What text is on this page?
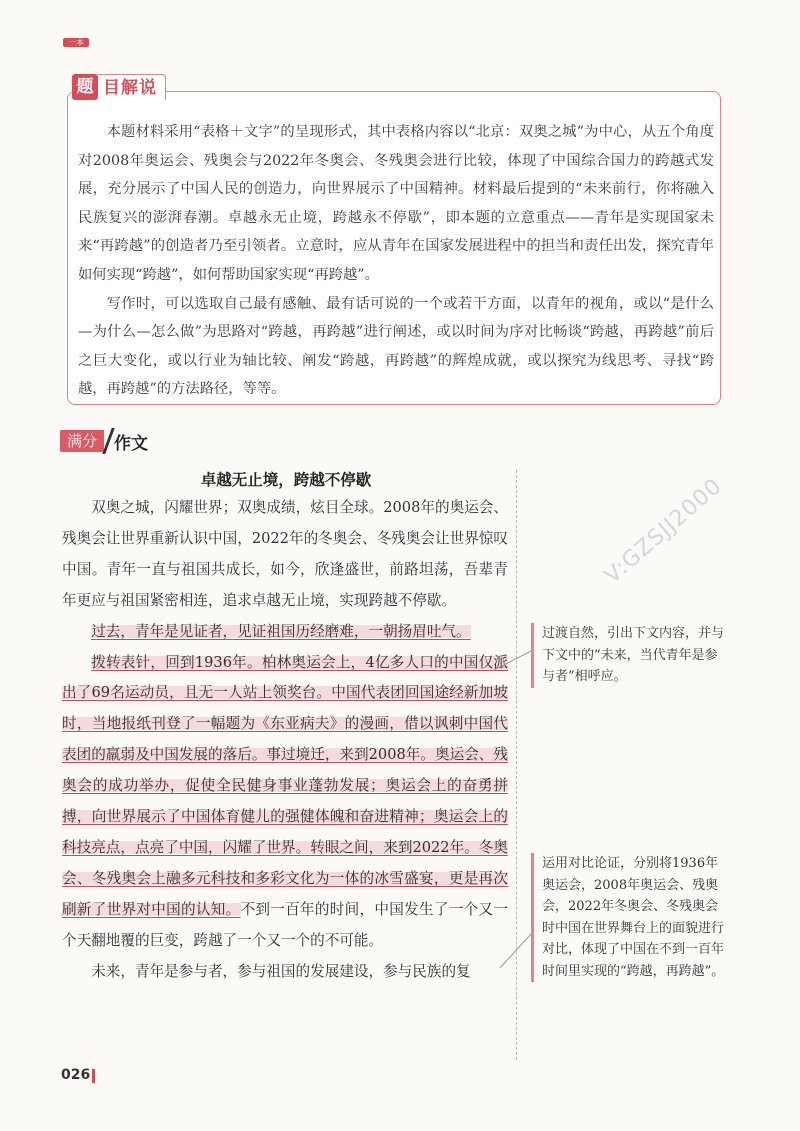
一本
题 目解说

本题材料采用“表格＋文字”的呈现形式，其中表格内容以“北京：双奥之城”为中心，从五个角度对2008年奥运会、残奥会与2022年冬奥会、冬残奥会进行比较，体现了中国综合国力的跨越式发展，充分展示了中国人民的创造力，向世界展示了中国精神。材料最后提到的“未来前行，你将融入民族复兴的澎湃春潮。卓越永无止境，跨越永不停歇”，即本题的立意重点——青年是实现国家未来“再跨越”的创造者乃至引领者。立意时，应从青年在国家发展进程中的担当和责任出发，探究青年如何实现“跨越”，如何帮助国家实现“再跨越”。

写作时，可以选取自己最有感触、最有话可说的一个或若干方面，以青年的视角，或以“是什么—为什么—怎么做”为思路对“跨越，再跨越”进行阐述，或以时间为序对比畅谈“跨越，再跨越”前后之巨大变化，或以行业为轴比较、阐发“跨越，再跨越”的辉煌成就，或以探究为线思考、寻找“跨越，再跨越”的方法路径，等等。

满分	作文
卓越无止境，跨越不停歇

双奥之城，闪耀世界；双奥成绩，炫目全球。2008年的奥运会、残奥会让世界重新认识中国，2022年的冬奥会、冬残奥会让世界惊叹中国。青年一直与祖国共成长，如今，欣逢盛世，前路坦荡，吾辈青年更应与祖国紧密相连，追求卓越无止境，实现跨越不停歇。

过去，青年是见证者，见证祖国历经磨难，一朝扬眉吐气。

拨转表针，回到1936年。柏林奥运会上，4亿多人口的中国仅派出了69名运动员，且无一人站上领奖台。中国代表团回国途经新加坡时，当地报纸刊登了一幅题为《东亚病夫》的漫画，借以讽刺中国代表团的羸弱及中国发展的落后。事过境迁，来到2008年。奥运会、残奥会的成功举办，促使全民健身事业蓬勃发展；奥运会上的奋勇拼搏，向世界展示了中国体育健儿的强健体魄和奋进精神；奥运会上的科技亮点，点亮了中国，闪耀了世界。转眼之间，来到2022年。冬奥会、冬残奥会上融多元科技和多彩文化为一体的冰雪盛宴，更是再次刷新了世界对中国的认知。不到一百年的时间，中国发生了一个又一个天翻地覆的巨变，跨越了一个又一个的不可能。

未来，青年是参与者，参与祖国的发展建设，参与民族的复

过渡自然，引出下文内容，并与下文中的“未来，当代青年是参与者”相呼应。
运用对比论证，分别将1936年奥运会，2008年奥运会、残奥会，2022年冬奥会、冬残奥会时中国在世界舞台上的面貌进行对比，体现了中国在不到一百年时间里实现的“跨越，再跨越”。
V:GZSJJ2000
026
